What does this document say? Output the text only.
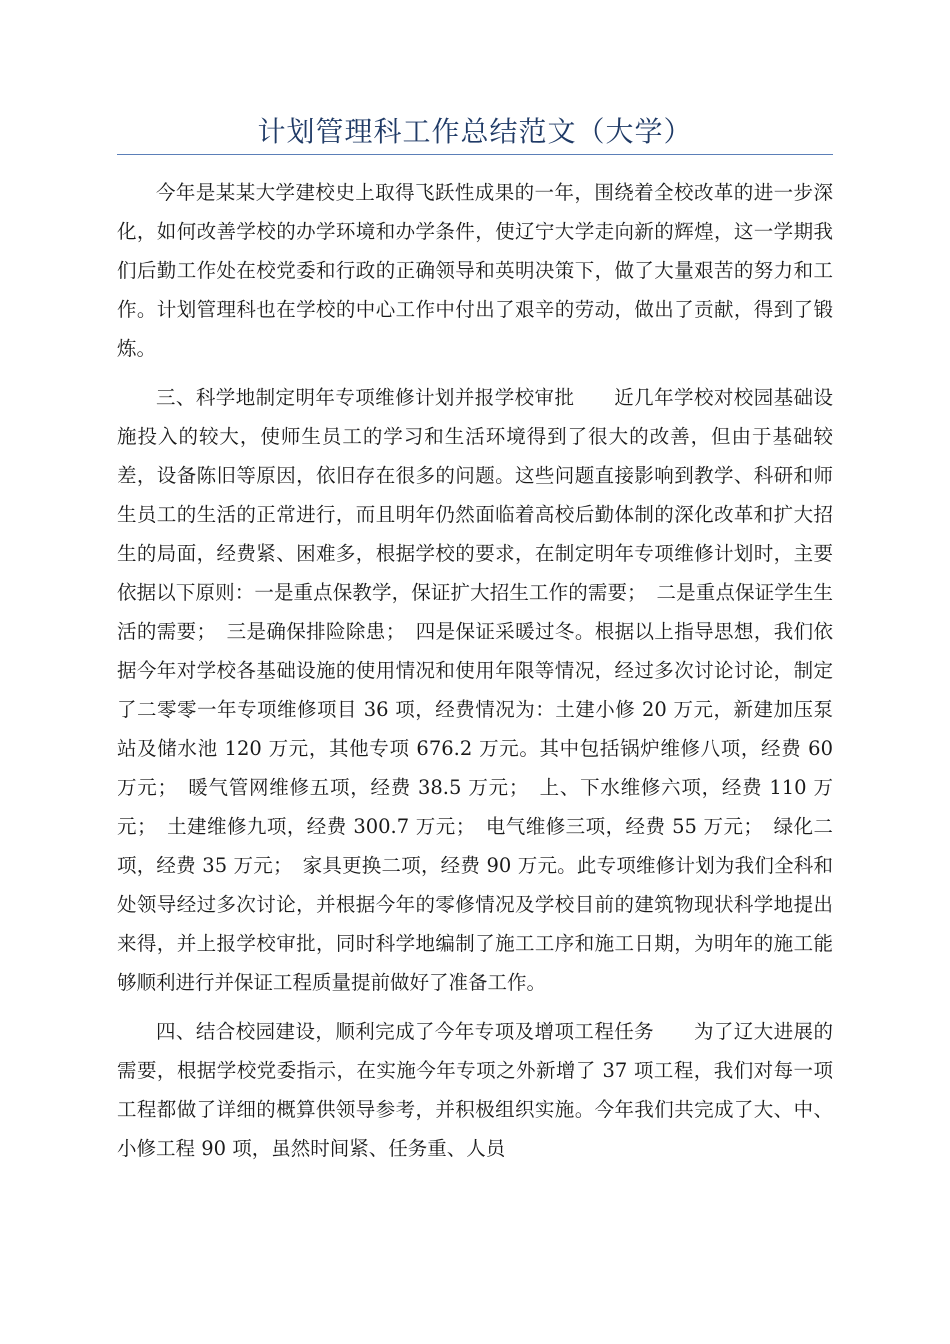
计划管理科工作总结范文（大学）

今年是某某大学建校史上取得飞跃性成果的一年，围绕着全校改革的进一步深化，如何改善学校的办学环境和办学条件，使辽宁大学走向新的辉煌，这一学期我们后勤工作处在校党委和行政的正确领导和英明决策下，做了大量艰苦的努力和工作。计划管理科也在学校的中心工作中付出了艰辛的劳动，做出了贡献，得到了锻炼。

三、科学地制定明年专项维修计划并报学校审批　　近几年学校对校园基础设施投入的较大，使师生员工的学习和生活环境得到了很大的改善，但由于基础较差，设备陈旧等原因，依旧存在很多的问题。这些问题直接影响到教学、科研和师生员工的生活的正常进行，而且明年仍然面临着高校后勤体制的深化改革和扩大招生的局面，经费紧、困难多，根据学校的要求，在制定明年专项维修计划时，主要依据以下原则：一是重点保教学，保证扩大招生工作的需要；　二是重点保证学生生活的需要；　三是确保排险除患；　四是保证采暖过冬。根据以上指导思想，我们依据今年对学校各基础设施的使用情况和使用年限等情况，经过多次讨论讨论，制定了二零零一年专项维修项目 36 项，经费情况为：土建小修 20 万元，新建加压泵站及储水池 120 万元，其他专项 676.2 万元。其中包括锅炉维修八项，经费 60 万元；　暖气管网维修五项，经费 38.5 万元；　上、下水维修六项，经费 110 万元；　土建维修九项，经费 300.7 万元；　电气维修三项，经费 55 万元；　绿化二项，经费 35 万元；　家具更换二项，经费 90 万元。此专项维修计划为我们全科和处领导经过多次讨论，并根据今年的零修情况及学校目前的建筑物现状科学地提出来得，并上报学校审批，同时科学地编制了施工工序和施工日期，为明年的施工能够顺利进行并保证工程质量提前做好了准备工作。

四、结合校园建设，顺利完成了今年专项及增项工程任务　　为了辽大进展的需要，根据学校党委指示，在实施今年专项之外新增了 37 项工程，我们对每一项工程都做了详细的概算供领导参考，并积极组织实施。今年我们共完成了大、中、小修工程 90 项，虽然时间紧、任务重、人员
